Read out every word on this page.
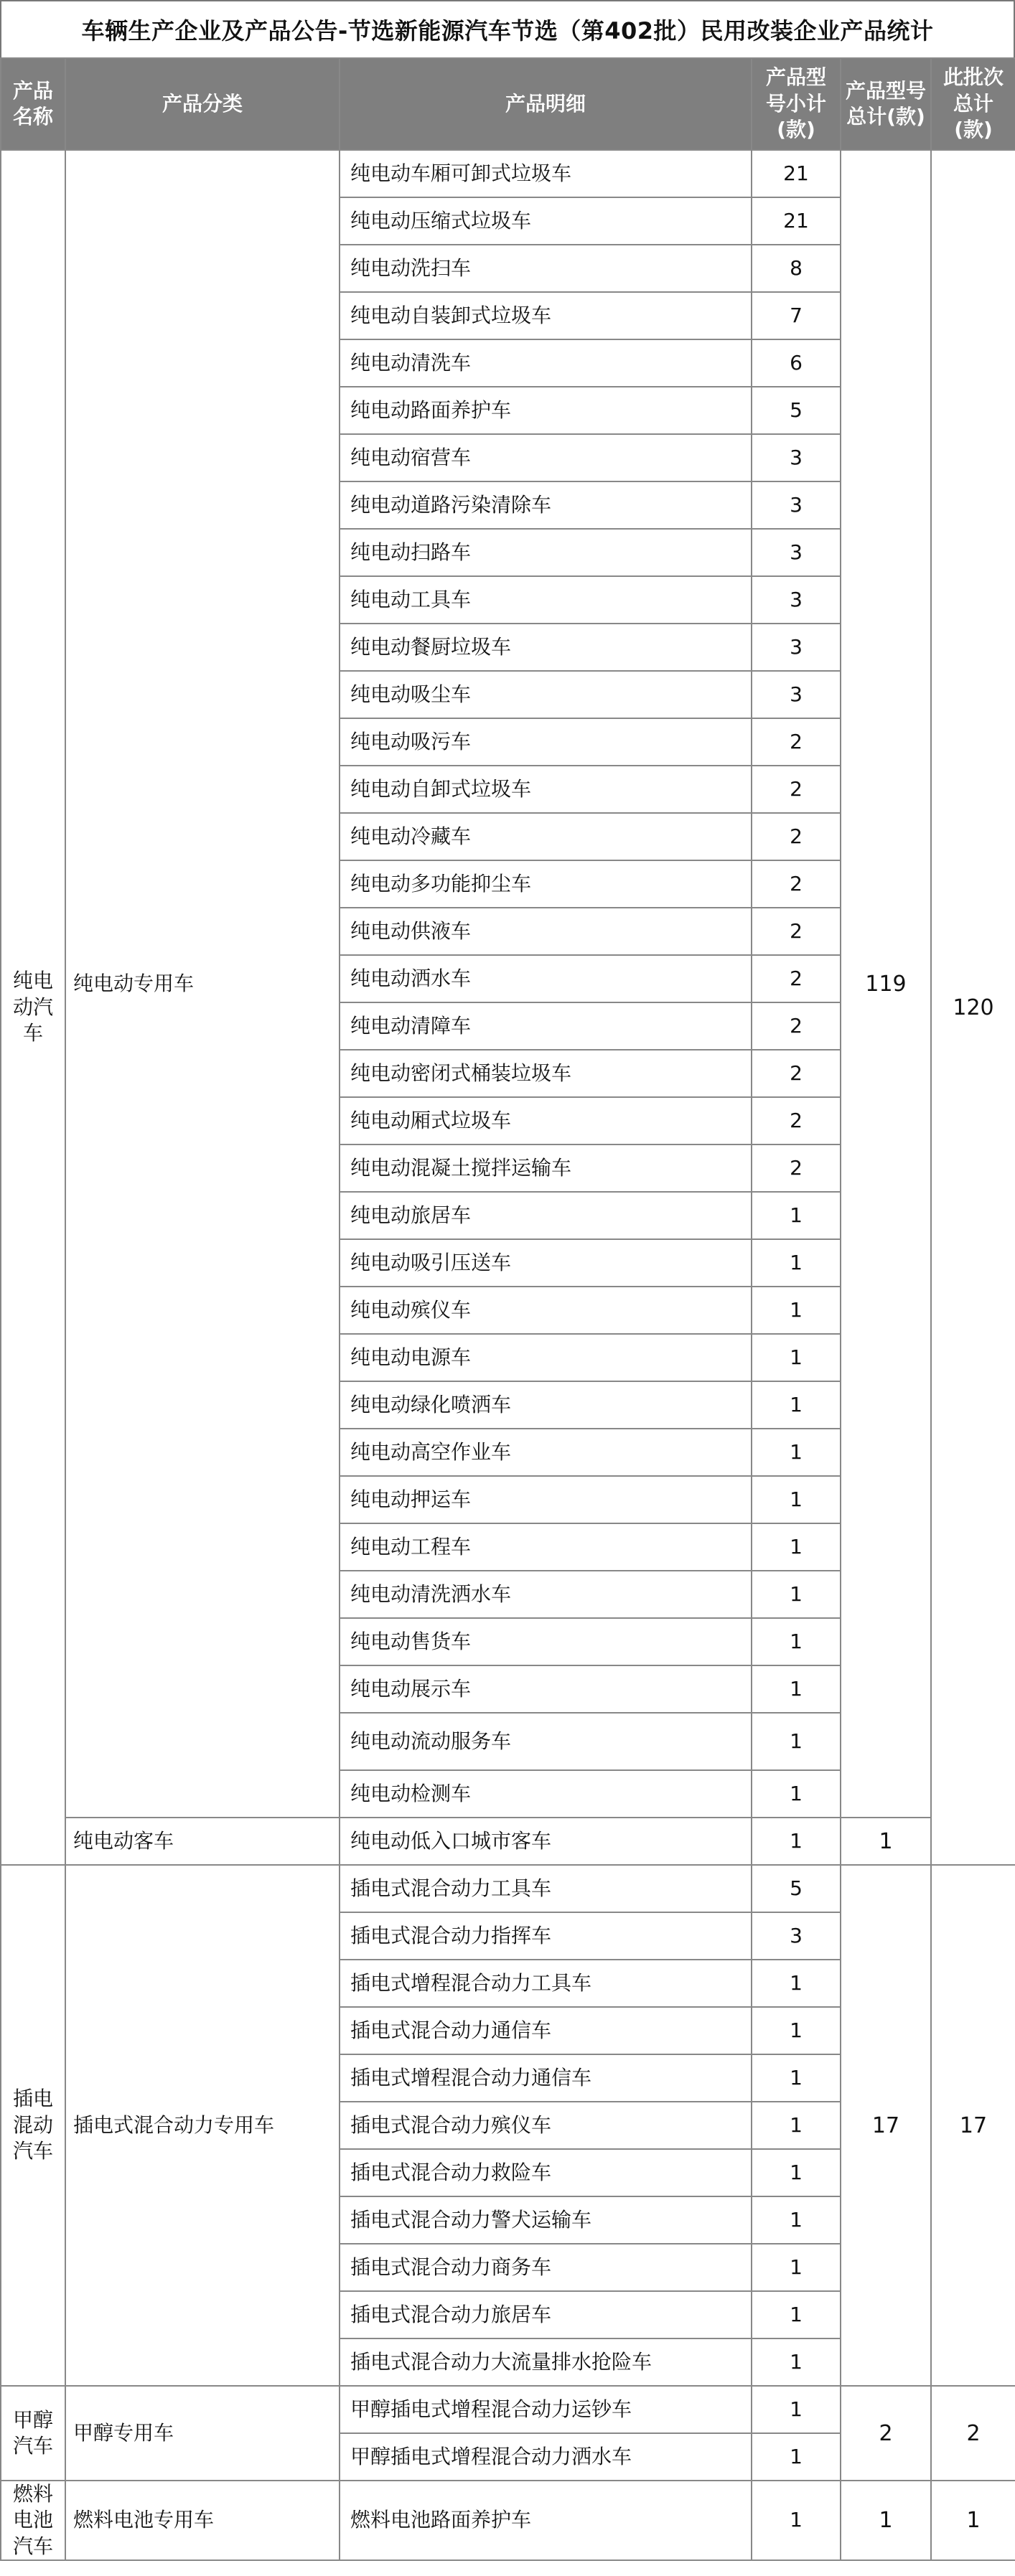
车辆生产企业及产品公告-节选新能源汽车节选（第402批）民用改装企业产品统计
产品名称	产品分类	产品明细	产品型号小计(款)	产品型号总计(款)	此批次总计(款)
纯电动汽车	纯电动专用车	纯电动车厢可卸式垃圾车	21	119	120
		纯电动压缩式垃圾车	21		
		纯电动洗扫车	8		
		纯电动自装卸式垃圾车	7		
		纯电动清洗车	6		
		纯电动路面养护车	5		
		纯电动宿营车	3		
		纯电动道路污染清除车	3		
		纯电动扫路车	3		
		纯电动工具车	3		
		纯电动餐厨垃圾车	3		
		纯电动吸尘车	3		
		纯电动吸污车	2		
		纯电动自卸式垃圾车	2		
		纯电动冷藏车	2		
		纯电动多功能抑尘车	2		
		纯电动供液车	2		
		纯电动洒水车	2		
		纯电动清障车	2		
		纯电动密闭式桶装垃圾车	2		
		纯电动厢式垃圾车	2		
		纯电动混凝土搅拌运输车	2		
		纯电动旅居车	1		
		纯电动吸引压送车	1		
		纯电动殡仪车	1		
		纯电动电源车	1		
		纯电动绿化喷洒车	1		
		纯电动高空作业车	1		
		纯电动押运车	1		
		纯电动工程车	1		
		纯电动清洗洒水车	1		
		纯电动售货车	1		
		纯电动展示车	1		
		纯电动流动服务车	1		
		纯电动检测车	1		
	纯电动客车	纯电动低入口城市客车	1	1	
插电混动汽车	插电式混合动力专用车	插电式混合动力工具车	5	17	17
		插电式混合动力指挥车	3		
		插电式增程混合动力工具车	1		
		插电式混合动力通信车	1		
		插电式增程混合动力通信车	1		
		插电式混合动力殡仪车	1		
		插电式混合动力救险车	1		
		插电式混合动力警犬运输车	1		
		插电式混合动力商务车	1		
		插电式混合动力旅居车	1		
		插电式混合动力大流量排水抢险车	1		
甲醇汽车	甲醇专用车	甲醇插电式增程混合动力运钞车	1	2	2
		甲醇插电式增程混合动力洒水车	1		
燃料电池汽车	燃料电池专用车	燃料电池路面养护车	1	1	1
